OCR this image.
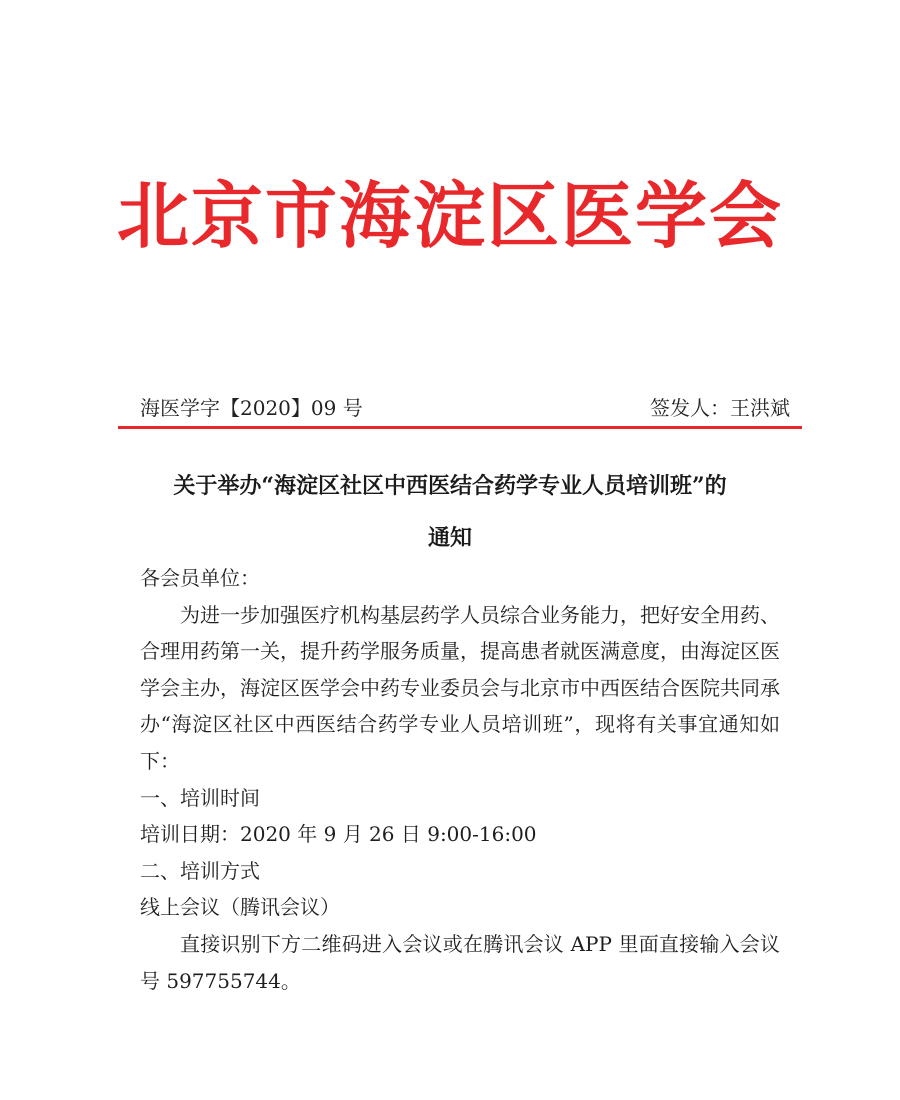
北京市海淀区医学会
海医学字【2020】09 号	签发人：王洪斌
关于举办“海淀区社区中西医结合药学专业人员培训班”的
通知

各会员单位：

为进一步加强医疗机构基层药学人员综合业务能力，把好安全用药、合理用药第一关，提升药学服务质量，提高患者就医满意度，由海淀区医学会主办，海淀区医学会中药专业委员会与北京市中西医结合医院共同承办“海淀区社区中西医结合药学专业人员培训班”，现将有关事宜通知如下：

一、培训时间

培训日期：2020 年 9 月 26 日 9:00-16:00

二、培训方式

线上会议（腾讯会议）

直接识别下方二维码进入会议或在腾讯会议 APP 里面直接输入会议号 597755744。
